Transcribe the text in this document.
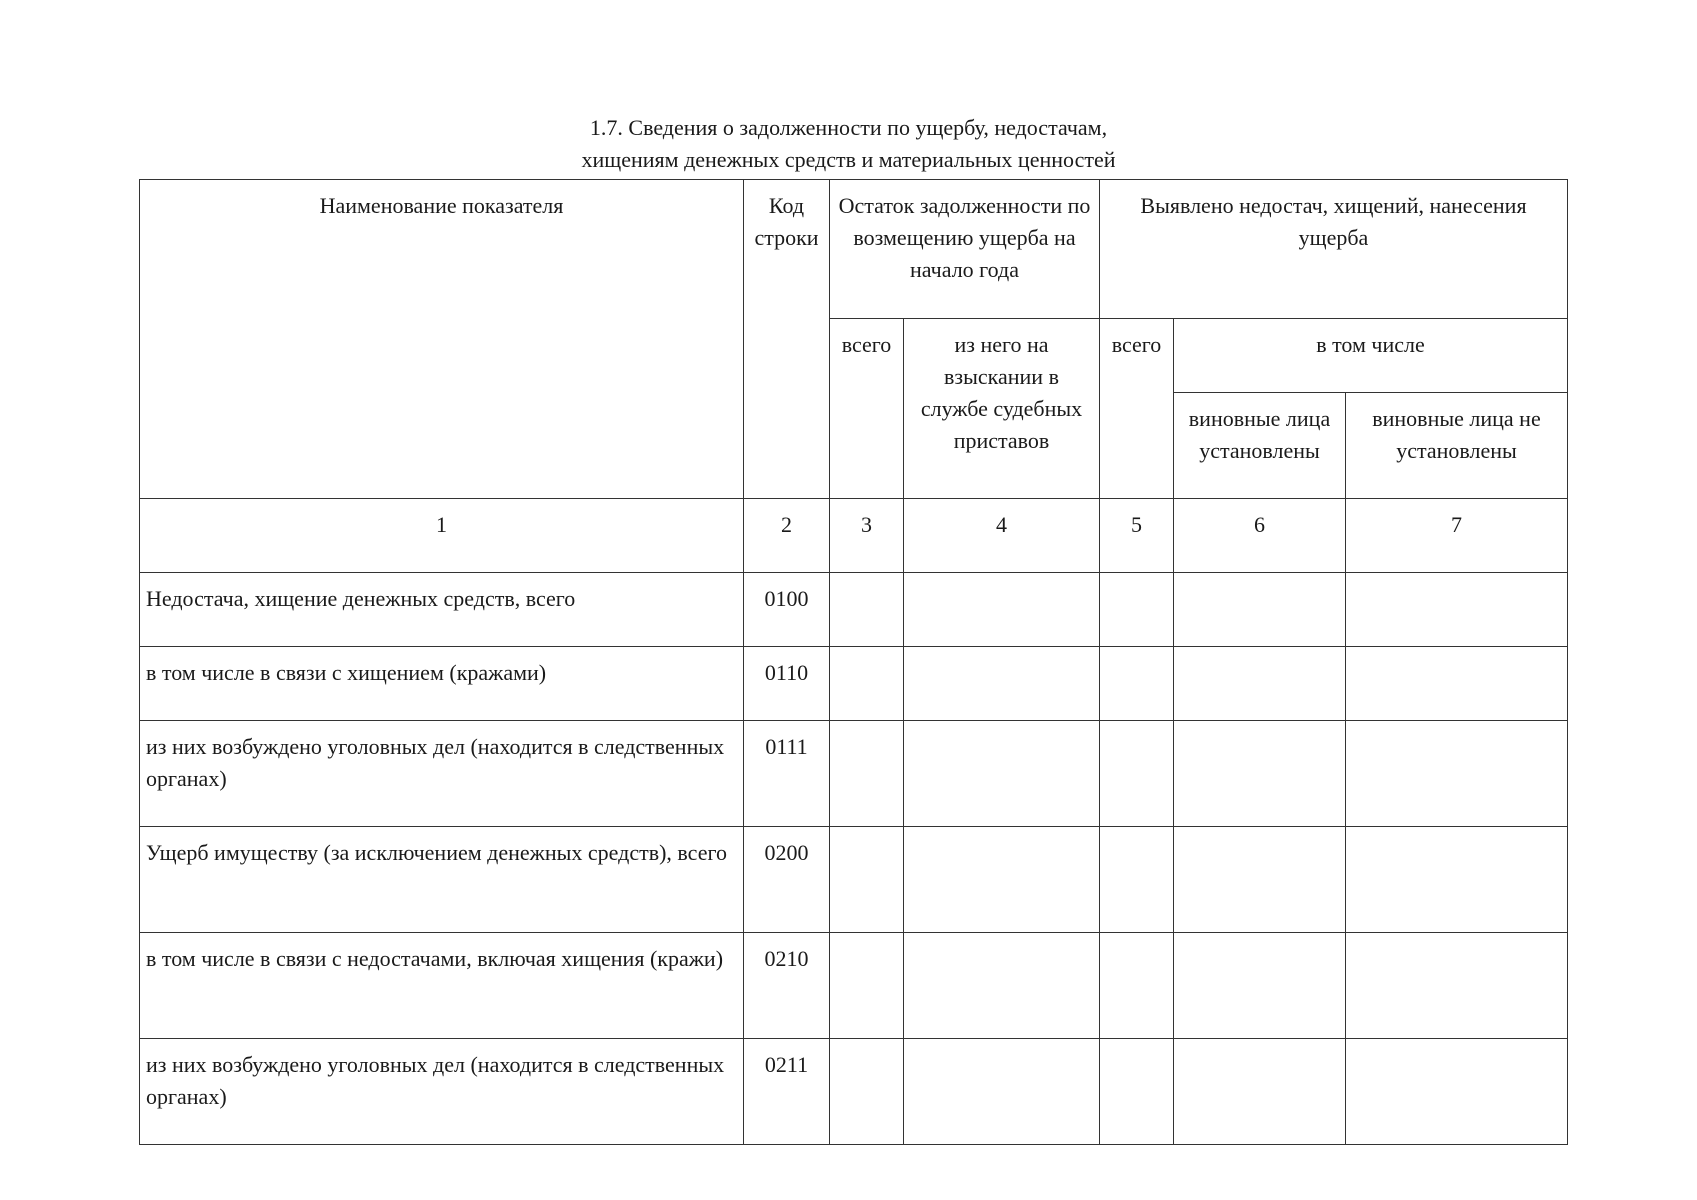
1.7. Сведения о задолженности по ущербу, недостачам,
хищениям денежных средств и материальных ценностей
Наименование показателя	Код строки	Остаток задолженности по возмещению ущерба на начало года		Выявлено недостач, хищений, нанесения ущерба		
		всего	из него на взыскании в службе судебных приставов	всего	в том числе	
					виновные лица установлены	виновные лица не установлены
1	2	3	4	5	6	7
Недостача, хищение денежных средств, всего	0100					
в том числе в связи с хищением (кражами)	0110					
из них возбуждено уголовных дел (находится в следственных органах)	0111					
Ущерб имуществу (за исключением денежных средств), всего	0200					
в том числе в связи с недостачами, включая хищения (кражи)	0210					
из них возбуждено уголовных дел (находится в следственных органах)	0211					
